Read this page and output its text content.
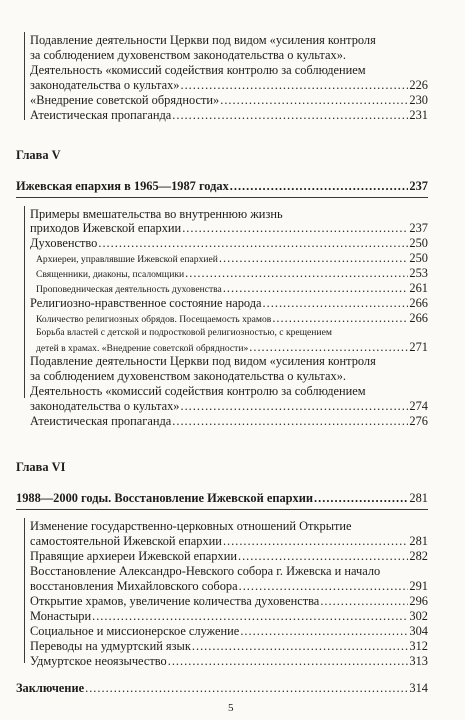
Подавление деятельности Церкви под видом «усиления контроля
за соблюдением духовенством законодательства о культах».
Деятельность «комиссий содействия контролю за соблюдением
законодательства о культах» .....	226
«Внедрение советской обрядности» .....	230
Атеистическая пропаганда .....	231
Глава V
Ижевская епархия в 1965—1987 годах .....	237
Примеры вмешательства во внутреннюю жизнь
приходов Ижевской епархии .....	237
Духовенство .....	250
Архиереи, управлявшие Ижевской епархией .....	250
Священники, диаконы, псаломщики .....	253
Проповедническая деятельность духовенства .....	261
Религиозно-нравственное состояние народа .....	266
Количество религиозных обрядов. Посещаемость храмов .....	266
Борьба властей с детской и подростковой религиозностью, с крещением
детей в храмах. «Внедрение советской обрядности» .....	271
Подавление деятельности Церкви под видом «усиления контроля
за соблюдением духовенством законодательства о культах».
Деятельность «комиссий содействия контролю за соблюдением
законодательства о культах» .....	274
Атеистическая пропаганда .....	276
Глава VI
1988—2000 годы. Восстановление Ижевской епархии .....	281
Изменение государственно-церковных отношений Открытие
самостоятельной Ижевской епархии .....	281
Правящие архиереи Ижевской епархии .....	282
Восстановление Александро-Невского собора г. Ижевска и начало
восстановления Михайловского собора .....	291
Открытие храмов, увеличение количества духовенства .....	296
Монастыри .....	302
Социальное и миссионерское служение .....	304
Переводы на удмуртский язык .....	312
Удмуртское неоязычество .....	313
Заключение .....	314
5
